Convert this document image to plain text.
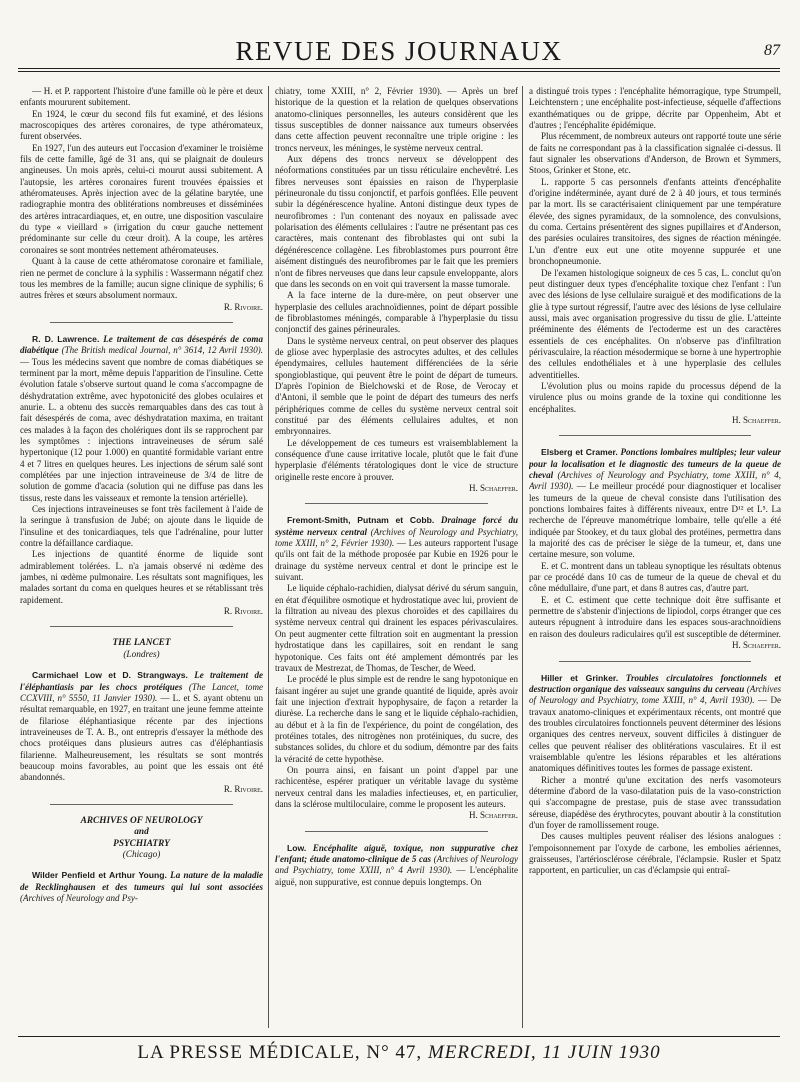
REVUE DES JOURNAUX	87

— H. et P. rapportent l'histoire d'une famille où le père et deux enfants moururent subitement.

En 1924, le cœur du second fils fut examiné, et des lésions macroscopiques des artères coronaires, de type athéromateux, furent observées.

En 1927, l'un des auteurs eut l'occasion d'examiner le troisième fils de cette famille, âgé de 31 ans, qui se plaignait de douleurs angineuses. Un mois après, celui-ci mourut aussi subitement. A l'autopsie, les artères coronaires furent trouvées épaissies et athéromateuses. Après injection avec de la gélatine barytée, une radiographie montra des oblitérations nombreuses et disséminées des artères intracardiaques, et, en outre, une disposition vasculaire du type « vieillard » (irrigation du cœur gauche nettement prédominante sur celle du cœur droit). A la coupe, les artères coronaires se sont montrées nettement athéromateuses.

Quant à la cause de cette athéromatose coronaire et familiale, rien ne permet de conclure à la syphilis : Wassermann négatif chez tous les membres de la famille; aucun signe clinique de syphilis; 6 autres frères et sœurs absolument normaux.

R. Rivoire.

R. D. Lawrence. Le traitement de cas désespérés de coma diabétique (The British medical Journal, n° 3614, 12 Avril 1930). — Tous les médecins savent que nombre de comas diabétiques se terminent par la mort, même depuis l'apparition de l'insuline. Cette évolution fatale s'observe surtout quand le coma s'accompagne de déshydratation extrême, avec hypotonicité des globes oculaires et anurie. L. a obtenu des succès remarquables dans des cas tout à fait désespérés de coma, avec déshydratation maxima, en traitant ces malades à la façon des cholériques dont ils se rapprochent par les symptômes : injections intraveineuses de sérum salé hypertonique (12 pour 1.000) en quantité formidable variant entre 4 et 7 litres en quelques heures. Les injections de sérum salé sont complétées par une injection intraveineuse de 3/4 de litre de solution de gomme d'acacia (solution qui ne diffuse pas dans les tissus, reste dans les vaisseaux et remonte la tension artérielle).

Ces injections intraveineuses se font très facilement à l'aide de la seringue à transfusion de Jubé; on ajoute dans le liquide de l'insuline et des tonicardiaques, tels que l'adrénaline, pour lutter contre la défaillance cardiaque.

Les injections de quantité énorme de liquide sont admirablement tolérées. L. n'a jamais observé ni œdème des jambes, ni œdème pulmonaire. Les résultats sont magnifiques, les malades sortant du coma en quelques heures et se rétablissant très rapidement.

R. Rivoire.

THE LANCET

(Londres)

Carmichael Low et D. Strangways. Le traitement de l'éléphantiasis par les chocs protéiques (The Lancet, tome CCXVIII, n° 5550, 11 Janvier 1930). — L. et S. ayant obtenu un résultat remarquable, en 1927, en traitant une jeune femme atteinte de filariose éléphantiasique récente par des injections intraveineuses de T. A. B., ont entrepris d'essayer la méthode des chocs protéiques dans plusieurs autres cas d'éléphantiasis filarienne. Malheureusement, les résultats se sont montrés beaucoup moins favorables, au point que les essais ont été abandonnés.

R. Rivoire.

ARCHIVES OF NEUROLOGY

and

PSYCHIATRY

(Chicago)

Wilder Penfield et Arthur Young. La nature de la maladie de Recklinghausen et des tumeurs qui lui sont associées (Archives of Neurology and Psy-

chiatry, tome XXIII, n° 2, Février 1930). — Après un bref historique de la question et la relation de quelques observations anatomo-cliniques personnelles, les auteurs considèrent que les tissus susceptibles de donner naissance aux tumeurs observées dans cette affection peuvent reconnaître une triple origine : les troncs nerveux, les méninges, le système nerveux central.

Aux dépens des troncs nerveux se développent des néoformations constituées par un tissu réticulaire enchevêtré. Les fibres nerveuses sont épaissies en raison de l'hyperplasie périneuronale du tissu conjonctif, et parfois gonflées. Elle peuvent subir la dégénérescence hyaline. Antoni distingue deux types de neurofibromes : l'un contenant des noyaux en palissade avec polarisation des éléments cellulaires : l'autre ne présentant pas ces caractères, mais contenant des fibroblastes qui ont subi la dégénérescence collagène. Les fibroblastomes purs pourront être aisément distingués des neurofibromes par le fait que les premiers n'ont de fibres nerveuses que dans leur capsule enveloppante, alors que dans les seconds on en voit qui traversent la masse tumorale.

A la face interne de la dure-mère, on peut observer une hyperplasie des cellules arachnoïdiennes, point de départ possible de fibroblastomes méningés, comparable à l'hyperplasie du tissu conjonctif des gaines périneurales.

Dans le système nerveux central, on peut observer des plaques de gliose avec hyperplasie des astrocytes adultes, et des cellules épendymaires, cellules hautement différenciées de la série spongioblastique, qui peuvent être le point de départ de tumeurs. D'après l'opinion de Bielchowski et de Rose, de Verocay et d'Antoni, il semble que le point de départ des tumeurs des nerfs périphériques comme de celles du système nerveux central soit constitué par des éléments cellulaires adultes, et non embryonnaires.

Le développement de ces tumeurs est vraisemblablement la conséquence d'une cause irritative locale, plutôt que le fait d'une hyperplasie d'éléments tératologiques dont le vice de structure originelle reste encore à prouver.

H. Schaeffer.

Fremont-Smith, Putnam et Cobb. Drainage forcé du système nerveux central (Archives of Neurology and Psychiatry, tome XXIII, n° 2, Février 1930). — Les auteurs rapportent l'usage qu'ils ont fait de la méthode proposée par Kubie en 1926 pour le drainage du système nerveux central et dont le principe est le suivant.

Le liquide céphalo-rachidien, dialysat dérivé du sérum sanguin, en état d'équilibre osmotique et hydrostatique avec lui, provient de la filtration au niveau des plexus choroïdes et des capillaires du système nerveux central qui drainent les espaces périvasculaires. On peut augmenter cette filtration soit en augmentant la pression hydrostatique dans les capillaires, soit en rendant le sang hypotonique. Ces faits ont été amplement démontrés par les travaux de Mestrezat, de Thomas, de Tescher, de Weed.

Le procédé le plus simple est de rendre le sang hypotonique en faisant ingérer au sujet une grande quantité de liquide, après avoir fait une injection d'extrait hypophysaire, de façon a retarder la diurèse. La recherche dans le sang et le liquide céphalo-rachidien, au début et à la fin de l'expérience, du point de congélation, des protéines totales, des nitrogènes non protéiniques, du sucre, des substances solides, du chlore et du sodium, démontre par des faits la véracité de cette hypothèse.

On pourra ainsi, en faisant un point d'appel par une rachicentèse, espérer pratiquer un véritable lavage du système nerveux central dans les maladies infectieuses, et, en particulier, dans la sclérose multiloculaire, comme le proposent les auteurs.

H. Schaeffer.

Low. Encéphalite aiguë, toxique, non suppurative chez l'enfant; étude anatomo-clinique de 5 cas (Archives of Neurology and Psychiatry, tome XXIII, n° 4 Avril 1930). — L'encéphalite aiguë, non suppurative, est connue depuis longtemps. On

a distingué trois types : l'encéphalite hémorragique, type Strumpell, Leichtenstern ; une encéphalite post-infectieuse, séquelle d'affections exanthématiques ou de grippe, décrite par Oppenheim, Abt et d'autres ; l'encéphalite épidémique.

Plus récemment, de nombreux auteurs ont rapporté toute une série de faits ne correspondant pas à la classification signalée ci-dessus. Il faut signaler les observations d'Anderson, de Brown et Symmers, Stoos, Grinker et Stone, etc.

L. rapporte 5 cas personnels d'enfants atteints d'encéphalite d'origine indéterminée, ayant duré de 2 à 40 jours, et tous terminés par la mort. Ils se caractérisaient cliniquement par une température élevée, des signes pyramidaux, de la somnolence, des convulsions, du coma. Certains présentèrent des signes pupillaires et d'Anderson, des parésies oculaires transitoires, des signes de réaction méningée. L'un d'entre eux eut une otite moyenne suppurée et une bronchopneumonie.

De l'examen histologique soigneux de ces 5 cas, L. conclut qu'on peut distinguer deux types d'encéphalite toxique chez l'enfant : l'un avec des lésions de lyse cellulaire suraiguë et des modifications de la glie à type surtout régressif, l'autre avec des lésions de lyse cellulaire aussi, mais avec organisation progressive du tissu de glie. L'atteinte prééminente des éléments de l'ectoderme est un des caractères essentiels de ces encéphalites. On n'observe pas d'infiltration périvasculaire, la réaction mésodermique se borne à une hypertrophie des cellules endothéliales et à une hyperplasie des cellules adventitielles.

L'évolution plus ou moins rapide du processus dépend de la virulence plus ou moins grande de la toxine qui conditionne les encéphalites.

H. Schaeffer.

Elsberg et Cramer. Ponctions lombaires multiples; leur valeur pour la localisation et le diagnostic des tumeurs de la queue de cheval (Archives of Neurology and Psychiatry, tome XXIII, n° 4, Avril 1930). — Le meilleur procédé pour diagnostiquer et localiser les tumeurs de la queue de cheval consiste dans l'utilisation des ponctions lombaires faites à différents niveaux, entre D¹² et L⁵. La recherche de l'épreuve manométrique lombaire, telle qu'elle a été indiquée par Stookey, et du taux global des protéines, permettra dans la majorité des cas de préciser le siège de la tumeur, et, dans une certaine mesure, son volume.

E. et C. montrent dans un tableau synoptique les résultats obtenus par ce procédé dans 10 cas de tumeur de la queue de cheval et du cône médullaire, d'une part, et dans 8 autres cas, d'autre part.

E. et C. estiment que cette technique doit être suffisante et permettre de s'abstenir d'injections de lipiodol, corps étranger que ces auteurs répugnent à introduire dans les espaces sous-arachnoïdiens en raison des douleurs radiculaires qu'il est susceptible de déterminer.

H. Schaeffer.

Hiller et Grinker. Troubles circulatoires fonctionnels et destruction organique des vaisseaux sanguins du cerveau (Archives of Neurology and Psychiatry, tome XXIII, n° 4, Avril 1930). — De travaux anatomo-cliniques et expérimentaux récents, ont montré que des troubles circulatoires fonctionnels peuvent déterminer des lésions organiques des centres nerveux, souvent difficiles à distinguer de celles que peuvent réaliser des oblitérations vasculaires. Et il est vraisemblable qu'entre les lésions réparables et les altérations anatomiques définitives toutes les formes de passage existent.

Richer a montré qu'une excitation des nerfs vasomoteurs détermine d'abord de la vaso-dilatation puis de la vaso-constriction qui s'accompagne de prestase, puis de stase avec transsudation séreuse, diapédèse des érythrocytes, pouvant aboutir à la constitution d'un foyer de ramollissement rouge.

Des causes multiples peuvent réaliser des lésions analogues : l'empoisonnement par l'oxyde de carbone, les embolies aériennes, graisseuses, l'artériosclérose cérébrale, l'éclampsie. Rusler et Spatz rapportent, en particulier, un cas d'éclampsie qui entraî-

LA PRESSE MÉDICALE, N° 47, MERCREDI, 11 JUIN 1930
